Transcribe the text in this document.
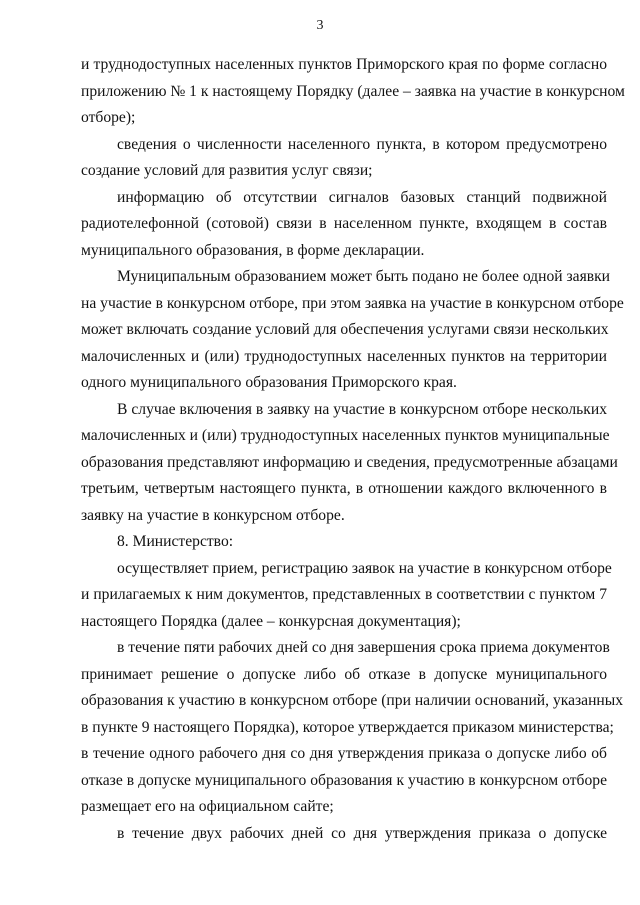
3
и труднодоступных населенных пунктов Приморского края по форме согласно
приложению № 1 к настоящему Порядку (далее – заявка на участие в конкурсном
отборе);
сведения о численности населенного пункта, в котором предусмотрено
создание условий для развития услуг связи;
информацию об отсутствии сигналов базовых станций подвижной
радиотелефонной (сотовой) связи в населенном пункте, входящем в состав
муниципального образования, в форме декларации.
Муниципальным образованием может быть подано не более одной заявки
на участие в конкурсном отборе, при этом заявка на участие в конкурсном отборе
может включать создание условий для обеспечения услугами связи нескольких
малочисленных и (или) труднодоступных населенных пунктов на территории
одного муниципального образования Приморского края.
В случае включения в заявку на участие в конкурсном отборе нескольких
малочисленных и (или) труднодоступных населенных пунктов муниципальные
образования представляют информацию и сведения, предусмотренные абзацами
третьим, четвертым настоящего пункта, в отношении каждого включенного в
заявку на участие в конкурсном отборе.
8. Министерство:
осуществляет прием, регистрацию заявок на участие в конкурсном отборе
и прилагаемых к ним документов, представленных в соответствии с пунктом 7
настоящего Порядка (далее – конкурсная документация);
в течение пяти рабочих дней со дня завершения срока приема документов
принимает решение о допуске либо об отказе в допуске муниципального
образования к участию в конкурсном отборе (при наличии оснований, указанных
в пункте 9 настоящего Порядка), которое утверждается приказом министерства;
в течение одного рабочего дня со дня утверждения приказа о допуске либо об
отказе в допуске муниципального образования к участию в конкурсном отборе
размещает его на официальном сайте;
в течение двух рабочих дней со дня утверждения приказа о допуске
